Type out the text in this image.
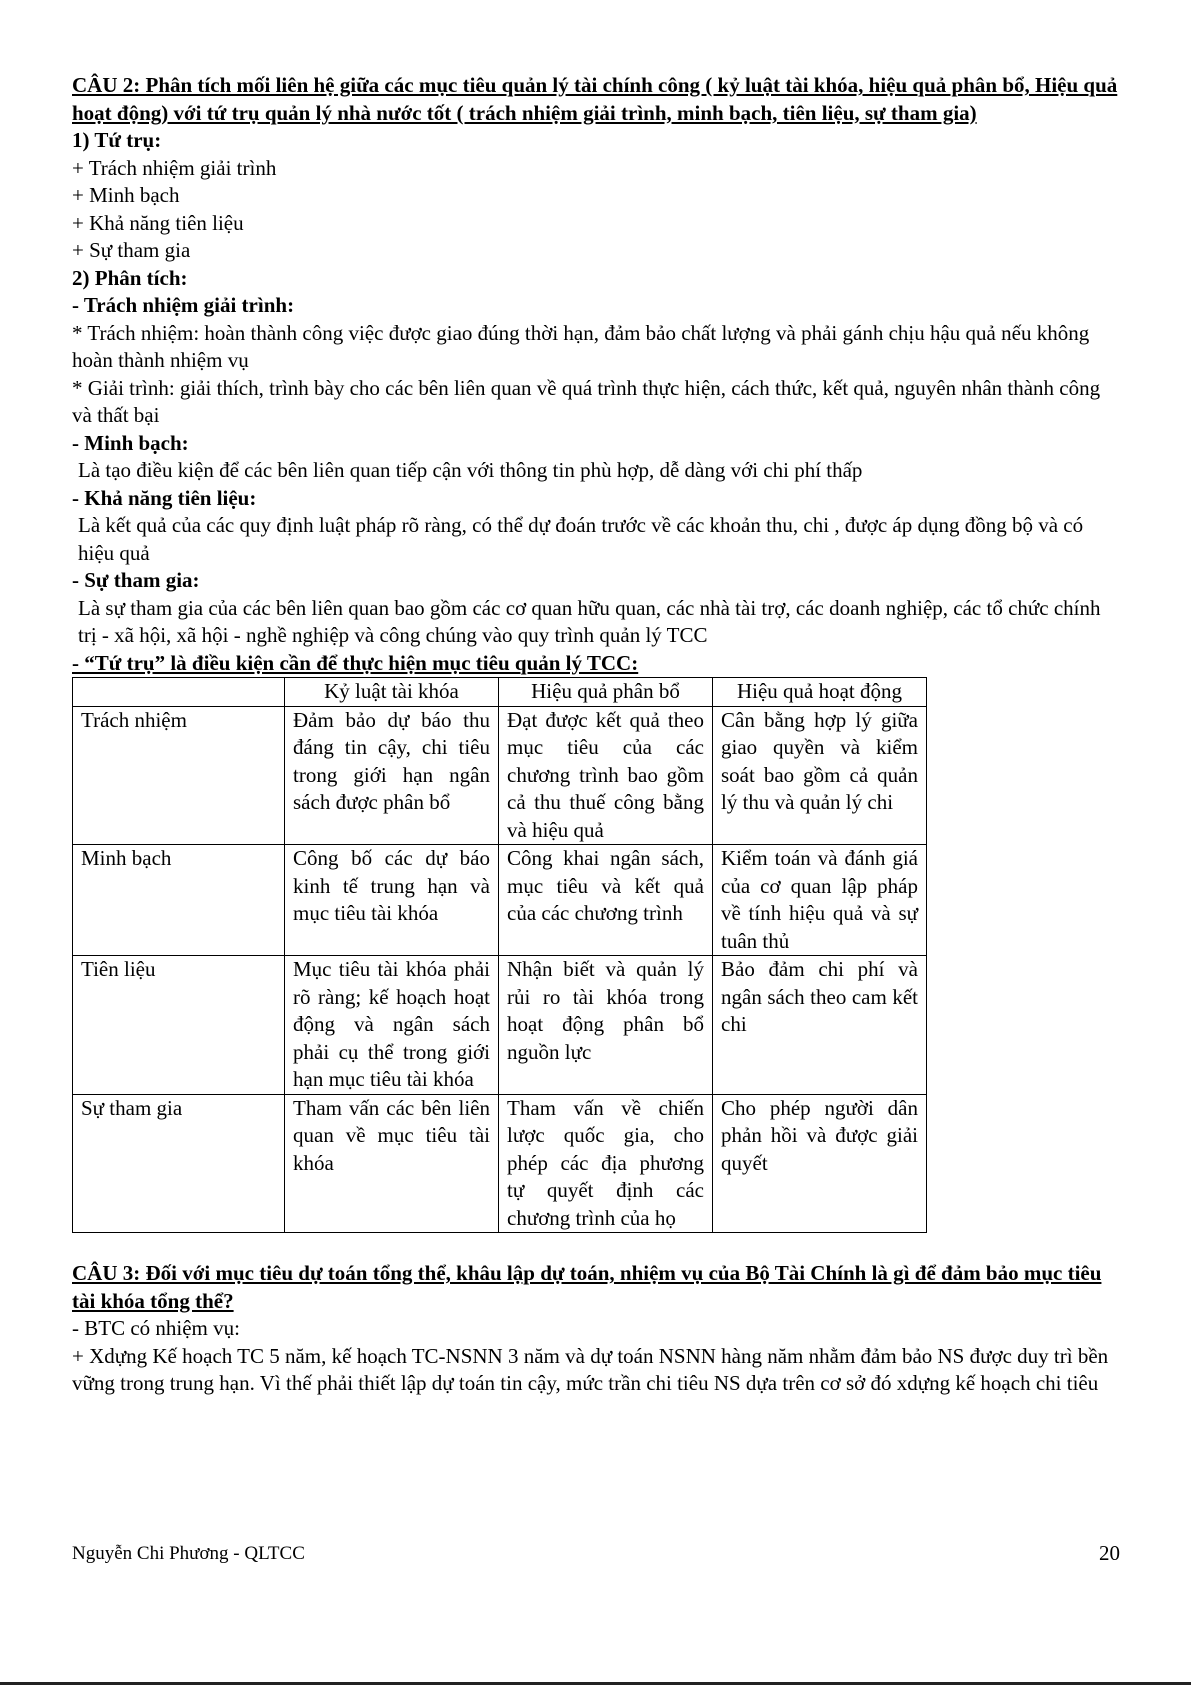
CÂU 2: Phân tích mối liên hệ giữa các mục tiêu quản lý tài chính công ( kỷ luật tài khóa, hiệu quả phân bổ, Hiệu quả hoạt động) với tứ trụ quản lý nhà nước tốt ( trách nhiệm giải trình, minh bạch, tiên liệu, sự tham gia)

1) Tứ trụ:

+ Trách nhiệm giải trình

+ Minh bạch

+ Khả năng tiên liệu

+ Sự tham gia

2) Phân tích:

- Trách nhiệm giải trình:

* Trách nhiệm: hoàn thành công việc được giao đúng thời hạn, đảm bảo chất lượng và phải gánh chịu hậu quả nếu không hoàn thành nhiệm vụ

* Giải trình: giải thích, trình bày cho các bên liên quan về quá trình thực hiện, cách thức, kết quả, nguyên nhân thành công và thất bại

- Minh bạch:

Là tạo điều kiện để các bên liên quan tiếp cận với thông tin phù hợp, dễ dàng với chi phí thấp

- Khả năng tiên liệu:

Là kết quả của các quy định luật pháp rõ ràng, có thể dự đoán trước về các khoản thu, chi , được áp dụng đồng bộ và có hiệu quả

- Sự tham gia:

Là sự tham gia của các bên liên quan bao gồm các cơ quan hữu quan, các nhà tài trợ, các doanh nghiệp, các tổ chức chính trị - xã hội, xã hội - nghề nghiệp và công chúng vào quy trình quản lý TCC

- “Tứ trụ” là điều kiện cần để thực hiện mục tiêu quản lý TCC:

	Kỷ luật tài khóa	Hiệu quả phân bổ	Hiệu quả hoạt động
Trách nhiệm	Đảm bảo dự báo thu đáng tin cậy, chi tiêu trong giới hạn ngân sách được phân bổ	Đạt được kết quả theo mục tiêu của các chương trình bao gồm cả thu thuế công bằng và hiệu quả	Cân bằng hợp lý giữa giao quyền và kiểm soát bao gồm cả quản lý thu và quản lý chi
Minh bạch	Công bố các dự báo kinh tế trung hạn và mục tiêu tài khóa	Công khai ngân sách, mục tiêu và kết quả của các chương trình	Kiểm toán và đánh giá của cơ quan lập pháp về tính hiệu quả và sự tuân thủ
Tiên liệu	Mục tiêu tài khóa phải rõ ràng; kế hoạch hoạt động và ngân sách phải cụ thể trong giới hạn mục tiêu tài khóa	Nhận biết và quản lý rủi ro tài khóa trong hoạt động phân bổ nguồn lực	Bảo đảm chi phí và ngân sách theo cam kết chi
Sự tham gia	Tham vấn các bên liên quan về mục tiêu tài khóa	Tham vấn về chiến lược quốc gia, cho phép các địa phương tự quyết định các chương trình của họ	Cho phép người dân phản hồi và được giải quyết

CÂU 3: Đối với mục tiêu dự toán tổng thể, khâu lập dự toán, nhiệm vụ của Bộ Tài Chính là gì để đảm bảo mục tiêu tài khóa tổng thể?

- BTC có nhiệm vụ:

+ Xdựng Kế hoạch TC 5 năm, kế hoạch TC-NSNN 3 năm và dự toán NSNN hàng năm nhằm đảm bảo NS được duy trì bền vững trong trung hạn. Vì thế phải thiết lập dự toán tin cậy, mức trần chi tiêu NS dựa trên cơ sở đó xdựng kế hoạch chi tiêu

Nguyễn Chi Phương - QLTCC	20
